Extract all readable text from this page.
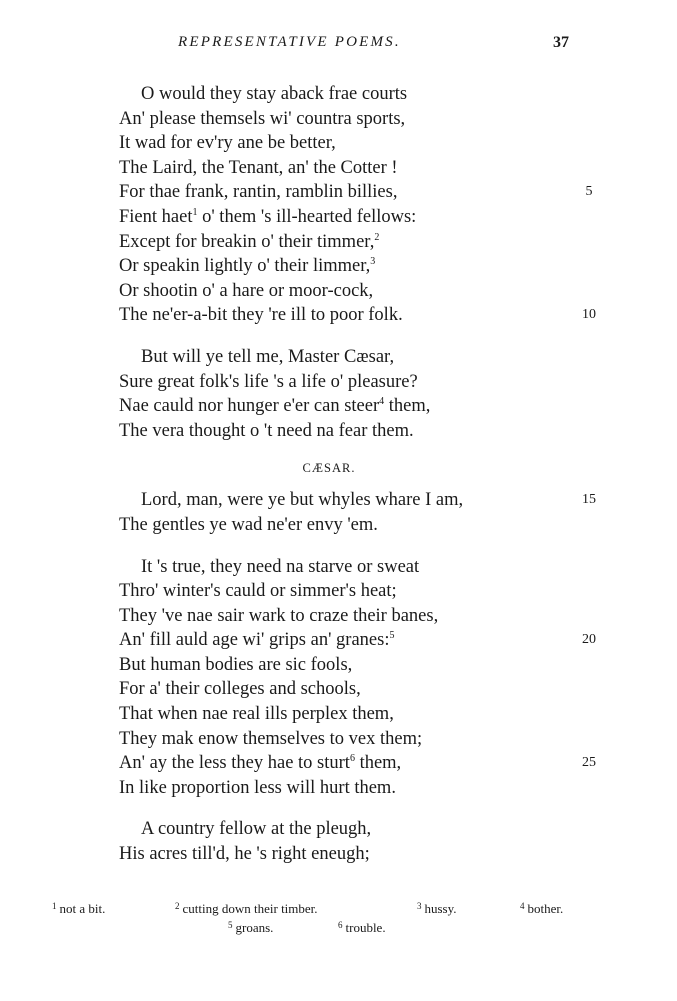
REPRESENTATIVE POEMS.	37
O would they stay aback frae courts
An' please themsels wi' countra sports,
It wad for ev'ry ane be better,
The Laird, the Tenant, an' the Cotter !
For thae frank, rantin, ramblin billies,	5
Fient haet$^1$ o' them 's ill-hearted fellows:
Except for breakin o' their timmer,$^2$
Or speakin lightly o' their limmer,$^3$
Or shootin o' a hare or moor-cock,
The ne'er-a-bit they 're ill to poor folk.	10
But will ye tell me, Master Cæsar,
Sure great folk's life 's a life o' pleasure?
Nae cauld nor hunger e'er can steer$^4$ them,
The vera thought o 't need na fear them.
CÆSAR.
Lord, man, were ye but whyles whare I am,	15
The gentles ye wad ne'er envy 'em.
It 's true, they need na starve or sweat
Thro' winter's cauld or simmer's heat;
They 've nae sair wark to craze their banes,
An' fill auld age wi' grips an' granes:$^5$	20
But human bodies are sic fools,
For a' their colleges and schools,
That when nae real ills perplex them,
They mak enow themselves to vex them;
An' ay the less they hae to sturt$^6$ them,	25
In like proportion less will hurt them.
A country fellow at the pleugh,
His acres till'd, he 's right eneugh;
$^1$ not a bit.	$^2$ cutting down their timber.	$^3$ hussy.	$^4$ bother.
$^5$ groans.	$^6$ trouble.
